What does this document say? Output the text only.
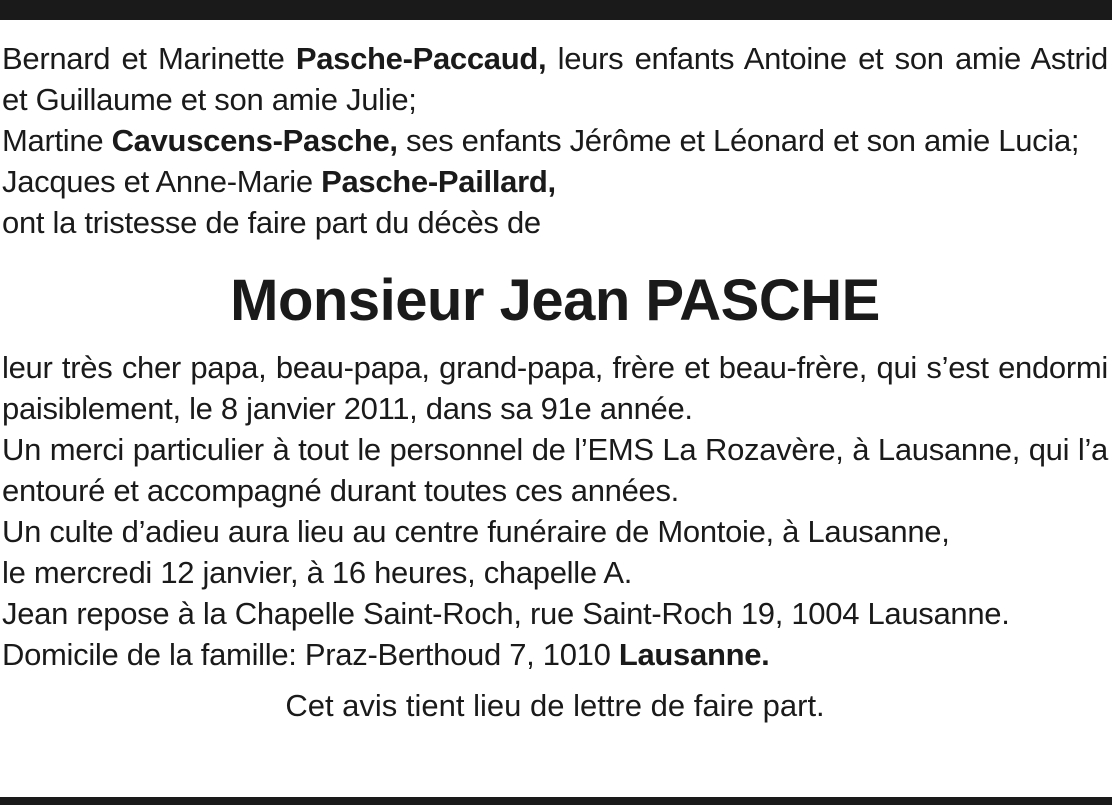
Bernard et Marinette Pasche-Paccaud, leurs enfants Antoine et son amie Astrid et Guillaume et son amie Julie;

Martine Cavuscens-Pasche, ses enfants Jérôme et Léonard et son amie Lucia;

Jacques et Anne-Marie Pasche-Paillard,

ont la tristesse de faire part du décès de

Monsieur Jean PASCHE

leur très cher papa, beau-papa, grand-papa, frère et beau-frère, qui s’est endormi paisiblement, le 8 janvier 2011, dans sa 91e année.

Un merci particulier à tout le personnel de l’EMS La Rozavère, à Lausanne, qui l’a entouré et accompagné durant toutes ces années.

Un culte d’adieu aura lieu au centre funéraire de Montoie, à Lausanne,

le mercredi 12 janvier, à 16 heures, chapelle A.

Jean repose à la Chapelle Saint-Roch, rue Saint-Roch 19, 1004 Lausanne.

Domicile de la famille: Praz-Berthoud 7, 1010 Lausanne.

Cet avis tient lieu de lettre de faire part.
